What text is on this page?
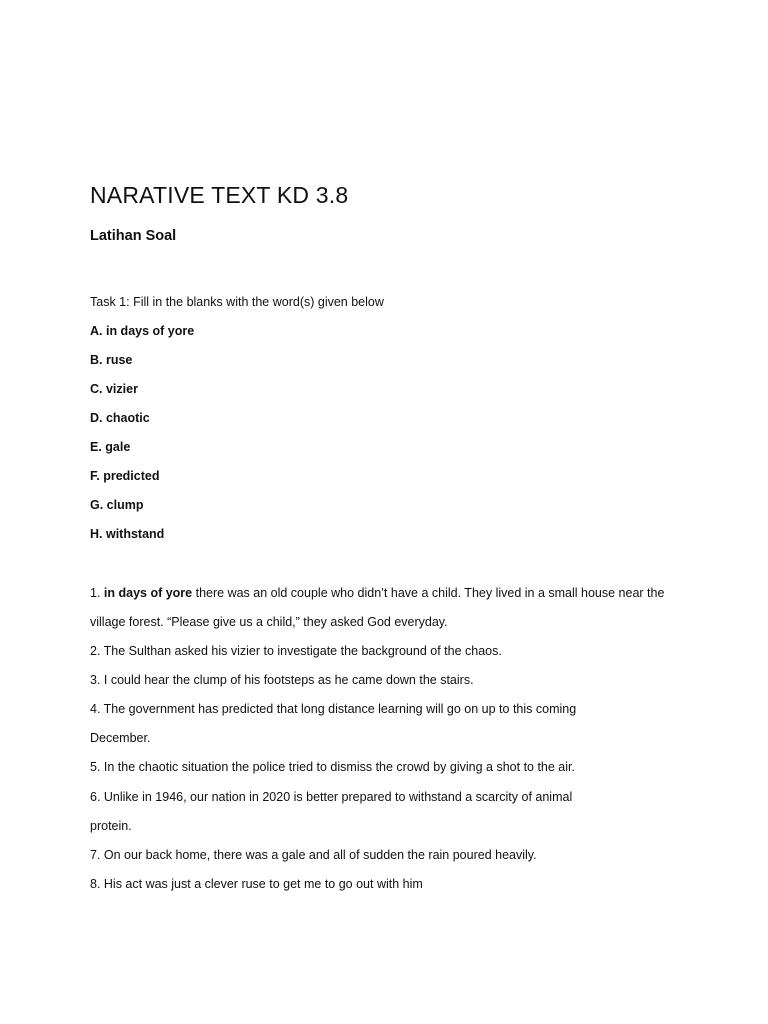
NARATIVE TEXT KD 3.8
Latihan Soal

Task 1: Fill in the blanks with the word(s) given below

A. in days of yore

B. ruse

C. vizier

D. chaotic

E. gale

F. predicted

G. clump

H. withstand

1. in days of yore there was an old couple who didn’t have a child. They lived in a small house near the

village forest. “Please give us a child,” they asked God everyday.

2. The Sulthan asked his vizier to investigate the background of the chaos.

3. I could hear the clump of his footsteps as he came down the stairs.

4. The government has predicted that long distance learning will go on up to this coming

December.

5. In the chaotic situation the police tried to dismiss the crowd by giving a shot to the air.

6. Unlike in 1946, our nation in 2020 is better prepared to withstand a scarcity of animal

protein.

7. On our back home, there was a gale and all of sudden the rain poured heavily.

8. His act was just a clever ruse to get me to go out with him
